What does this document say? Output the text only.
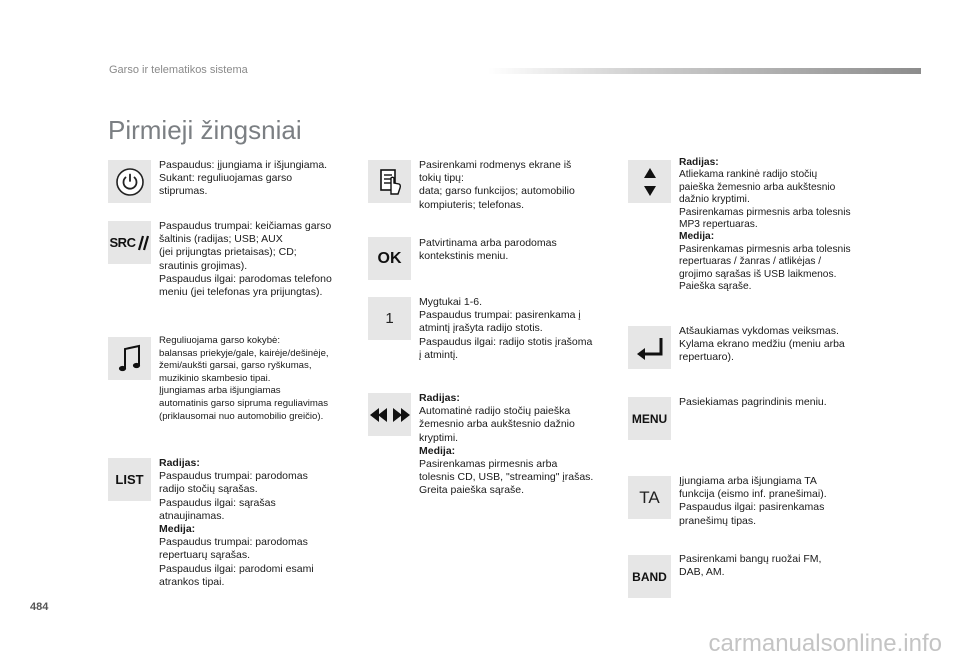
Garso ir telematikos sistema
Pirmieji žingsniai

Paspaudus: įjungiama ir išjungiama.

Sukant: reguliuojamas garso

stiprumas.

SRC

Paspaudus trumpai: keičiamas garso

šaltinis (radijas; USB; AUX

(jei prijungtas prietaisas); CD;

srautinis grojimas).

Paspaudus ilgai: parodomas telefono

meniu (jei telefonas yra prijungtas).

Reguliuojama garso kokybė:

balansas priekyje/gale, kairėje/dešinėje,

žemi/aukšti garsai, garso ryškumas,

muzikinio skambesio tipai.

Įjungiamas arba išjungiamas

automatinis garso sipruma reguliavimas

(priklausomai nuo automobilio greičio).

LIST

Radijas:

Paspaudus trumpai: parodomas

radijo stočių sąrašas.

Paspaudus ilgai: sąrašas

atnaujinamas.

Medija:

Paspaudus trumpai: parodomas

repertuarų sąrašas.

Paspaudus ilgai: parodomi esami

atrankos tipai.

Pasirenkami rodmenys ekrane iš

tokių tipų:

data; garso funkcijos; automobilio

kompiuteris; telefonas.

OK

Patvirtinama arba parodomas

kontekstinis meniu.

1

Mygtukai 1-6.

Paspaudus trumpai: pasirenkama į

atmintį įrašyta radijo stotis.

Paspaudus ilgai: radijo stotis įrašoma

į atmintį.

Radijas:

Automatinė radijo stočių paieška

žemesnio arba aukštesnio dažnio

kryptimi.

Medija:

Pasirenkamas pirmesnis arba

tolesnis CD, USB, "streaming" įrašas.

Greita paieška sąraše.

Radijas:

Atliekama rankinė radijo stočių

paieška žemesnio arba aukštesnio

dažnio kryptimi.

Pasirenkamas pirmesnis arba tolesnis

MP3 repertuaras.

Medija:

Pasirenkamas pirmesnis arba tolesnis

repertuaras / žanras / atlikėjas /

grojimo sąrašas iš USB laikmenos.

Paieška sąraše.

Atšaukiamas vykdomas veiksmas.

Kylama ekrano medžiu (meniu arba

repertuaro).

MENU

Pasiekiamas pagrindinis meniu.

TA

Įjungiama arba išjungiama TA

funkcija (eismo inf. pranešimai).

Paspaudus ilgai: pasirenkamas

pranešimų tipas.

BAND

Pasirenkami bangų ruožai FM,

DAB, AM.

484
carmanualsonline.info
